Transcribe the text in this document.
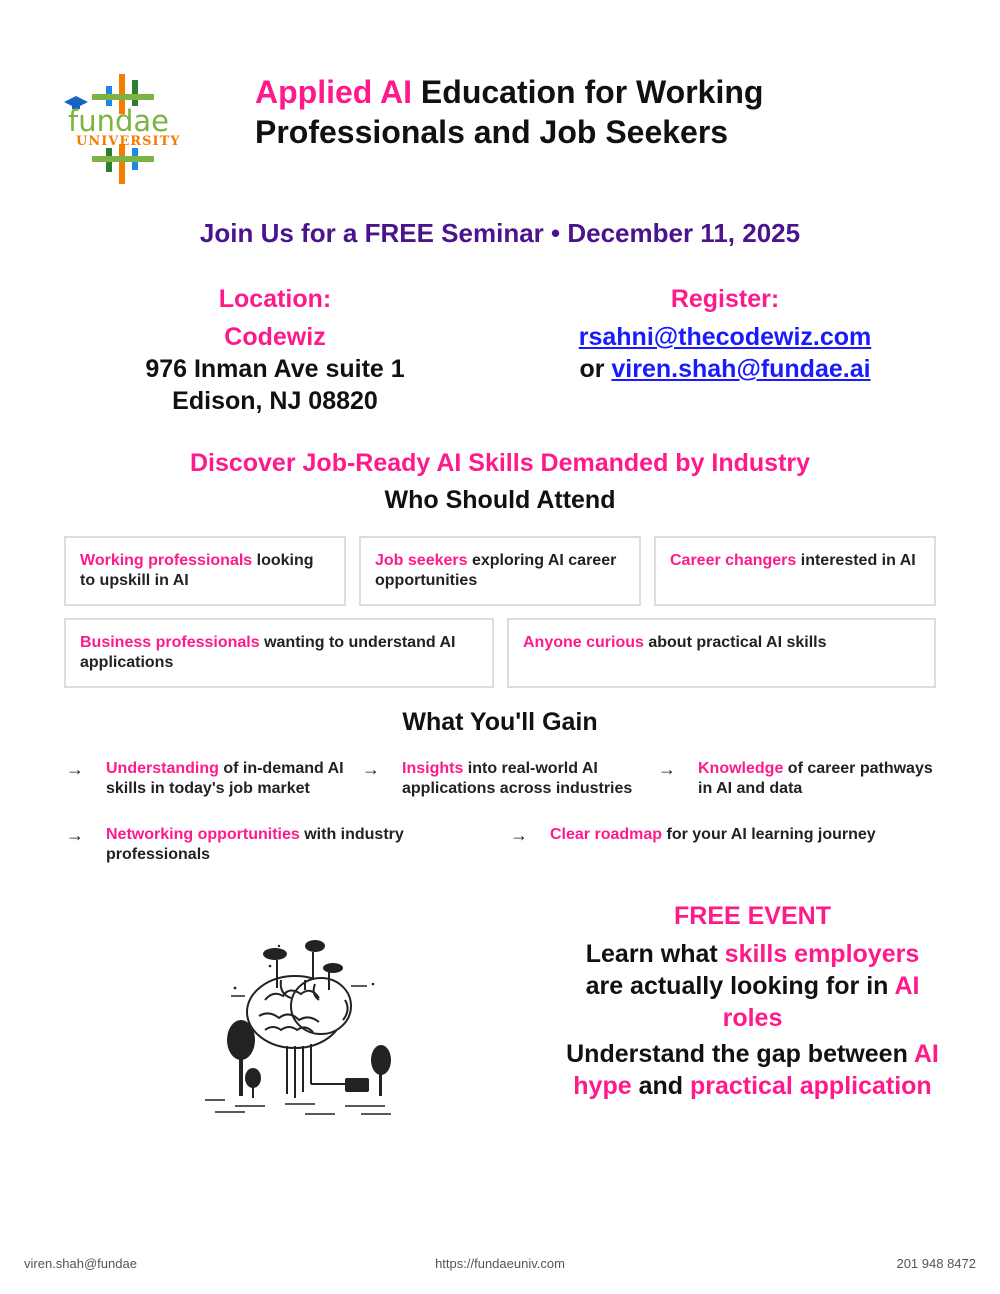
fundae
UNIVERSITY
Applied AI Education for Working Professionals and Job Seekers
Join Us for a FREE Seminar • December 11, 2025
Location:
Codewiz
976 Inman Ave suite 1
Edison, NJ 08820
Register:
rsahni@thecodewiz.com
or viren.shah@fundae.ai
Discover Job-Ready AI Skills Demanded by Industry
Who Should Attend
Working professionals looking to upskill in AI
Job seekers exploring AI career opportunities
Career changers interested in AI
Business professionals wanting to understand AI applications
Anyone curious about practical AI skills
What You'll Gain
→ Understanding of in-demand AI skills in today's job market
→ Insights into real-world AI applications across industries
→ Knowledge of career pathways in AI and data
→ Networking opportunities with industry professionals
→ Clear roadmap for your AI learning journey
FREE EVENT
Learn what skills employers are actually looking for in AI roles
Understand the gap between AI hype and practical application
viren.shah@fundae	https://fundaeuniv.com	201 948 8472
